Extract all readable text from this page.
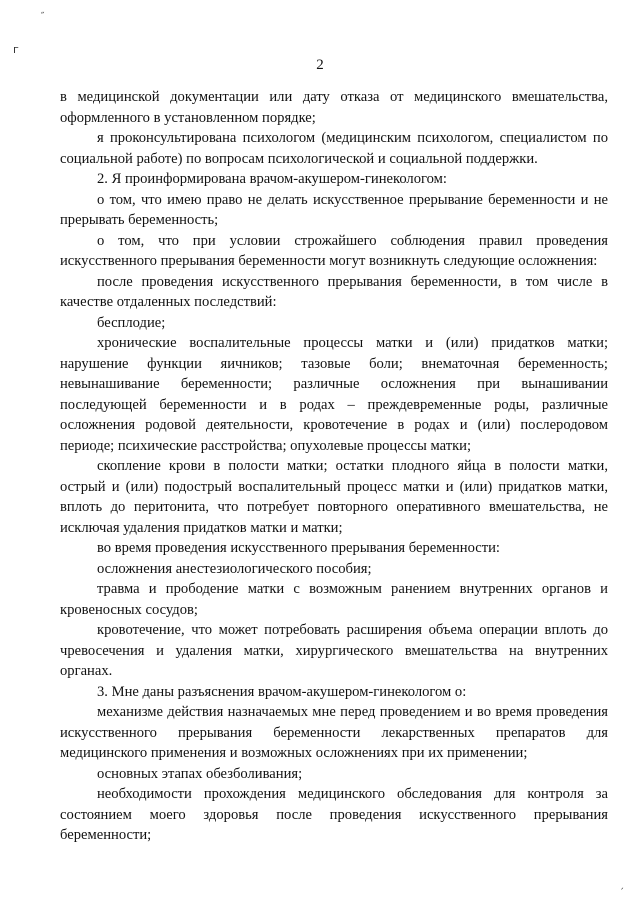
˝
г
´
2

в медицинской документации или дату отказа от медицинского вмешательства, оформленного в установленном порядке;

я проконсультирована психологом (медицинским психологом, специалистом по социальной работе) по вопросам психологической и социальной поддержки.

2. Я проинформирована врачом-акушером-гинекологом:

о том, что имею право не делать искусственное прерывание беременности и не прерывать беременность;

о том, что при условии строжайшего соблюдения правил проведения искусственного прерывания беременности могут возникнуть следующие осложнения:

после проведения искусственного прерывания беременности, в том числе в качестве отдаленных последствий:

бесплодие;

хронические воспалительные процессы матки и (или) придатков матки; нарушение функции яичников; тазовые боли; внематочная беременность; невынашивание беременности; различные осложнения при вынашивании последующей беременности и в родах – преждевременные роды, различные осложнения родовой деятельности, кровотечение в родах и (или) послеродовом периоде; психические расстройства; опухолевые процессы матки;

скопление крови в полости матки; остатки плодного яйца в полости матки, острый и (или) подострый воспалительный процесс матки и (или) придатков матки, вплоть до перитонита, что потребует повторного оперативного вмешательства, не исключая удаления придатков матки и матки;

во время проведения искусственного прерывания беременности:

осложнения анестезиологического пособия;

травма и прободение матки с возможным ранением внутренних органов и кровеносных сосудов;

кровотечение, что может потребовать расширения объема операции вплоть до чревосечения и удаления матки, хирургического вмешательства на внутренних органах.

3. Мне даны разъяснения врачом-акушером-гинекологом о:

механизме действия назначаемых мне перед проведением и во время проведения искусственного прерывания беременности лекарственных препаратов для медицинского применения и возможных осложнениях при их применении;

основных этапах обезболивания;

необходимости прохождения медицинского обследования для контроля за состоянием моего здоровья после проведения искусственного прерывания беременности;
